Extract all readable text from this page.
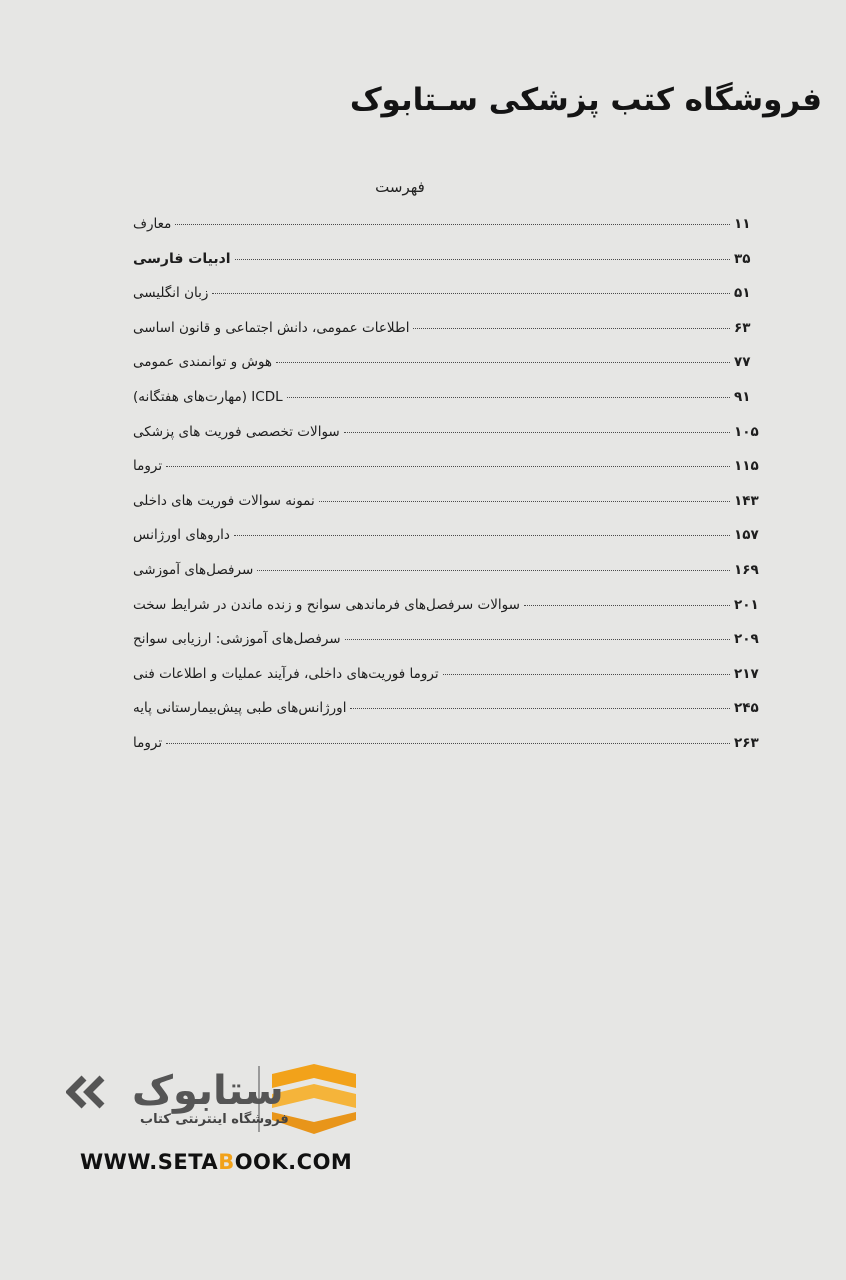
فروشگاه کتب پزشکی سـتابوک
فهرست
معارف	۱۱
ادبیات فارسی	۳۵
زبان انگلیسی	۵۱
اطلاعات عمومی، دانش اجتماعی و قانون اساسی	۶۳
هوش و توانمندی عمومی	۷۷
ICDL (مهارت‌های هفتگانه)	۹۱
سوالات تخصصی فوریت های پزشکی	۱۰۵
تروما	۱۱۵
نمونه سوالات فوریت های داخلی	۱۴۳
داروهای اورژانس	۱۵۷
سرفصل‌های آموزشی	۱۶۹
سوالات سرفصل‌های فرماندهی سوانح و زنده ماندن در شرایط سخت	۲۰۱
سرفصل‌های آموزشی: ارزیابی سوانح	۲۰۹
تروما فوریت‌های داخلی، فرآیند عملیات و اطلاعات فنی	۲۱۷
اورژانس‌های طبی پیش‌بیمارستانی پایه	۲۴۵
تروما	۲۶۳
ستابوک
فروشگاه اینترنتی کتاب
WWW.SETABOOK.COM
